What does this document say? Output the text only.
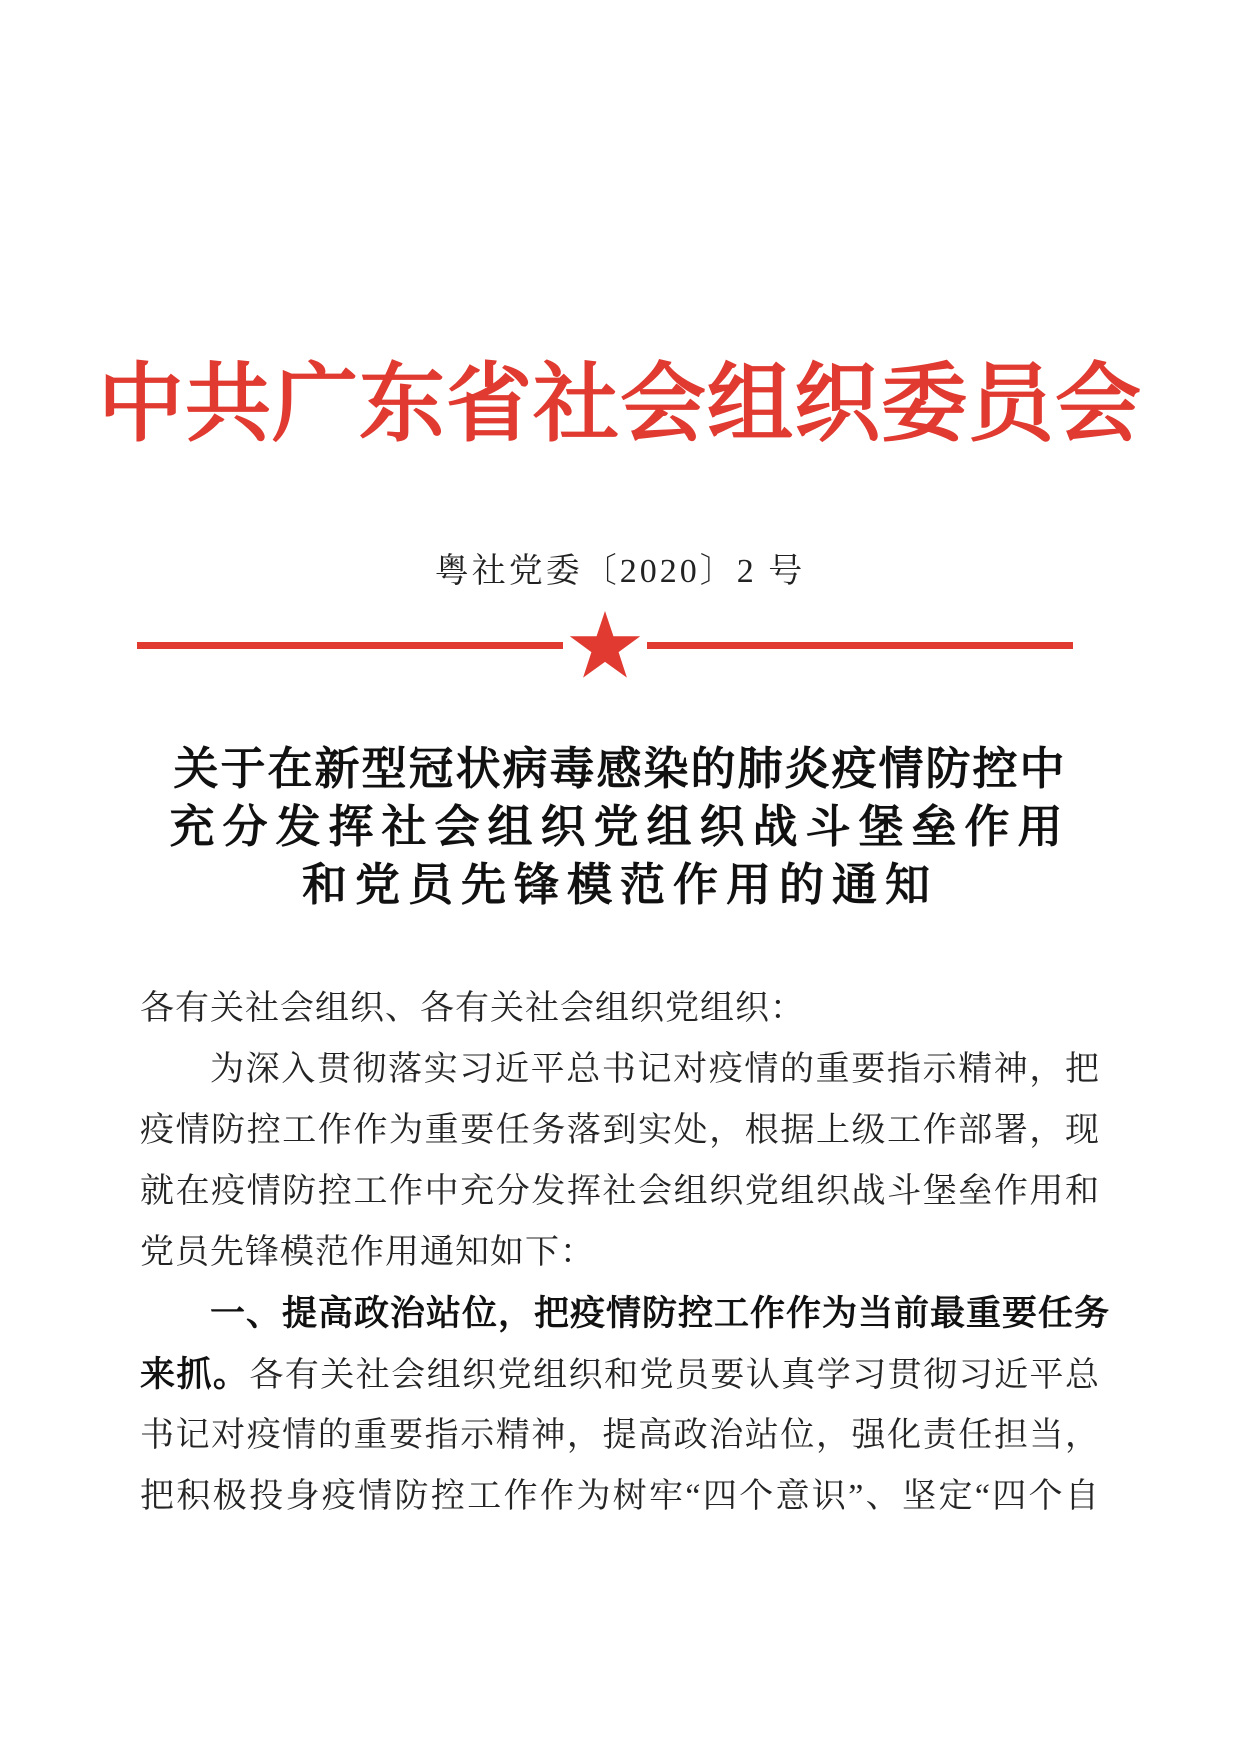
中共广东省社会组织委员会
粤社党委〔2020〕2 号
关于在新型冠状病毒感染的肺炎疫情防控中
充分发挥社会组织党组织战斗堡垒作用
和党员先锋模范作用的通知
各有关社会组织、各有关社会组织党组织：
为深入贯彻落实习近平总书记对疫情的重要指示精神，把
疫情防控工作作为重要任务落到实处，根据上级工作部署，现
就在疫情防控工作中充分发挥社会组织党组织战斗堡垒作用和
党员先锋模范作用通知如下：
一、提高政治站位，把疫情防控工作作为当前最重要任务
来抓。各有关社会组织党组织和党员要认真学习贯彻习近平总
书记对疫情的重要指示精神，提高政治站位，强化责任担当，
把积极投身疫情防控工作作为树牢“四个意识”、坚定“四个自
